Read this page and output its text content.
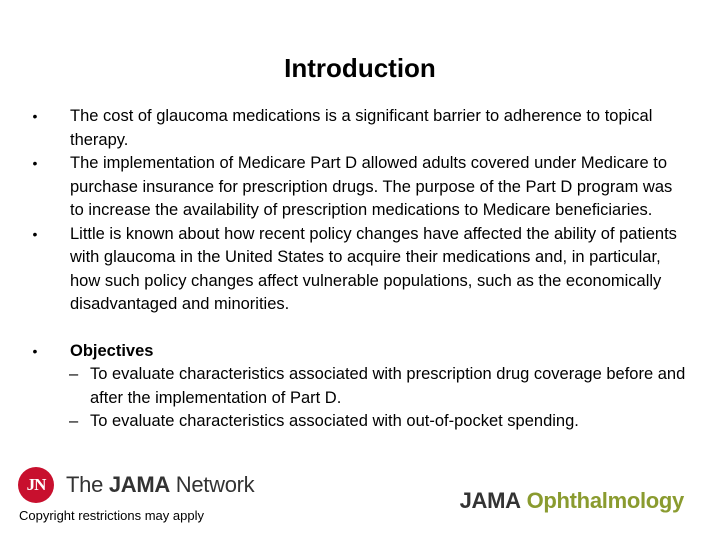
Introduction
• The cost of glaucoma medications is a significant barrier to adherence to topical therapy.
• The implementation of Medicare Part D allowed adults covered under Medicare to purchase insurance for prescription drugs. The purpose of the Part D program was to increase the availability of prescription medications to Medicare beneficiaries.
• Little is known about how recent policy changes have affected the ability of patients with glaucoma in the United States to acquire their medications and, in particular, how such policy changes affect vulnerable populations, such as the economically disadvantaged and minorities.
• Objectives
– To evaluate characteristics associated with prescription drug coverage before and after the implementation of Part D.
– To evaluate characteristics associated with out-of-pocket spending.
JN The JAMA Network
Copyright restrictions may apply
JAMA Ophthalmology
